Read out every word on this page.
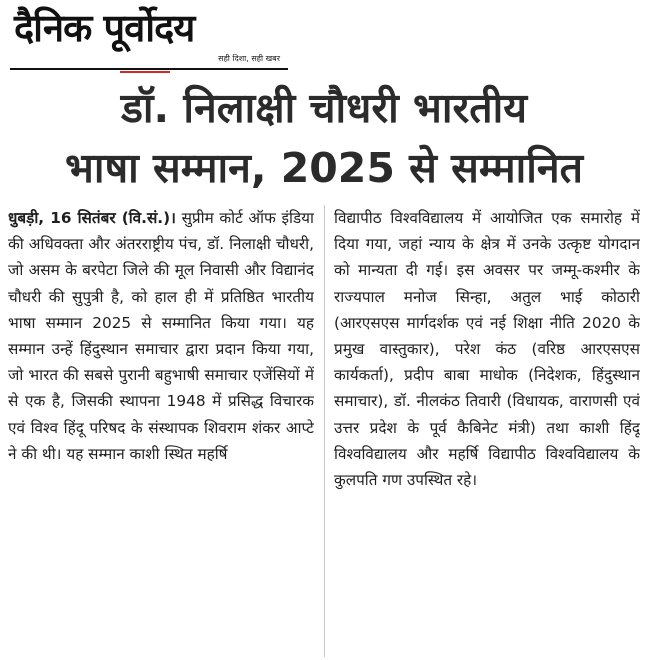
दैनिक पूर्वोदय
सही दिशा, सही खबर
डॉ. निलाक्षी चौधरी भारतीय
भाषा सम्मान, 2025 से सम्मानित
धुबड़ी, 16 सितंबर (वि.सं.)। सुप्रीम कोर्ट ऑफ इंडिया की अधिवक्ता और अंतरराष्ट्रीय पंच, डॉ. निलाक्षी चौधरी, जो असम के बरपेटा जिले की मूल निवासी और विद्यानंद चौधरी की सुपुत्री है, को हाल ही में प्रतिष्ठित भारतीय भाषा सम्मान 2025 से सम्मानित किया गया। यह सम्मान उन्हें हिंदुस्थान समाचार द्वारा प्रदान किया गया, जो भारत की सबसे पुरानी बहुभाषी समाचार एजेंसियों में से एक है, जिसकी स्थापना 1948 में प्रसिद्ध विचारक एवं विश्व हिंदू परिषद के संस्थापक शिवराम शंकर आप्टे ने की थी। यह सम्मान काशी स्थित महर्षि
विद्यापीठ विश्वविद्यालय में आयोजित एक समारोह में दिया गया, जहां न्याय के क्षेत्र में उनके उत्कृष्ट योगदान को मान्यता दी गई। इस अवसर पर जम्मू-कश्मीर के राज्यपाल मनोज सिन्हा, अतुल भाई कोठारी (आरएसएस मार्गदर्शक एवं नई शिक्षा नीति 2020 के प्रमुख वास्तुकार), परेश कंठ (वरिष्ठ आरएसएस कार्यकर्ता), प्रदीप बाबा माधोक (निदेशक, हिंदुस्थान समाचार), डॉ. नीलकंठ तिवारी (विधायक, वाराणसी एवं उत्तर प्रदेश के पूर्व कैबिनेट मंत्री) तथा काशी हिंदू विश्वविद्यालय और महर्षि विद्यापीठ विश्वविद्यालय के कुलपति गण उपस्थित रहे।
